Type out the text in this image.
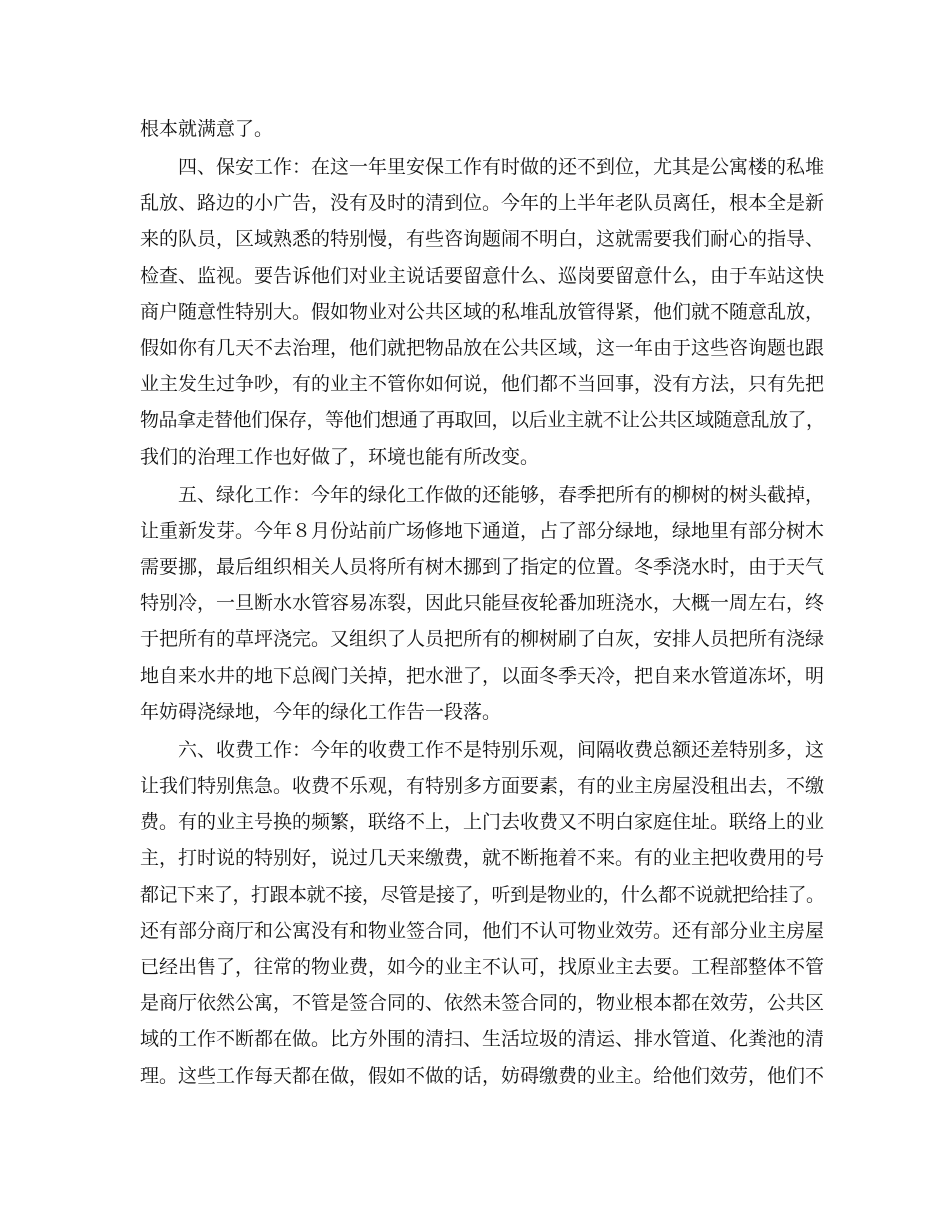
根本就满意了。
　　四、保安工作：在这一年里安保工作有时做的还不到位，尤其是公寓楼的私堆
乱放、路边的小广告，没有及时的清到位。今年的上半年老队员离任，根本全是新
来的队员，区域熟悉的特别慢，有些咨询题闹不明白，这就需要我们耐心的指导、
检查、监视。要告诉他们对业主说话要留意什么、巡岗要留意什么，由于车站这快
商户随意性特别大。假如物业对公共区域的私堆乱放管得紧，他们就不随意乱放，
假如你有几天不去治理，他们就把物品放在公共区域，这一年由于这些咨询题也跟
业主发生过争吵，有的业主不管你如何说，他们都不当回事，没有方法，只有先把
物品拿走替他们保存，等他们想通了再取回，以后业主就不让公共区域随意乱放了，
我们的治理工作也好做了，环境也能有所改变。
　　五、绿化工作：今年的绿化工作做的还能够，春季把所有的柳树的树头截掉，
让重新发芽。今年８月份站前广场修地下通道，占了部分绿地，绿地里有部分树木
需要挪，最后组织相关人员将所有树木挪到了指定的位置。冬季浇水时，由于天气
特别冷，一旦断水水管容易冻裂，因此只能昼夜轮番加班浇水，大概一周左右，终
于把所有的草坪浇完。又组织了人员把所有的柳树刷了白灰，安排人员把所有浇绿
地自来水井的地下总阀门关掉，把水泄了，以面冬季天冷，把自来水管道冻坏，明
年妨碍浇绿地，今年的绿化工作告一段落。
　　六、收费工作：今年的收费工作不是特别乐观，间隔收费总额还差特别多，这
让我们特别焦急。收费不乐观，有特别多方面要素，有的业主房屋没租出去，不缴
费。有的业主号换的频繁，联络不上，上门去收费又不明白家庭住址。联络上的业
主，打时说的特别好，说过几天来缴费，就不断拖着不来。有的业主把收费用的号
都记下来了，打跟本就不接，尽管是接了，听到是物业的，什么都不说就把给挂了。
还有部分商厅和公寓没有和物业签合同，他们不认可物业效劳。还有部分业主房屋
已经出售了，往常的物业费，如今的业主不认可，找原业主去要。工程部整体不管
是商厅依然公寓，不管是签合同的、依然未签合同的，物业根本都在效劳，公共区
域的工作不断都在做。比方外围的清扫、生活垃圾的清运、排水管道、化粪池的清
理。这些工作每天都在做，假如不做的话，妨碍缴费的业主。给他们效劳，他们不
